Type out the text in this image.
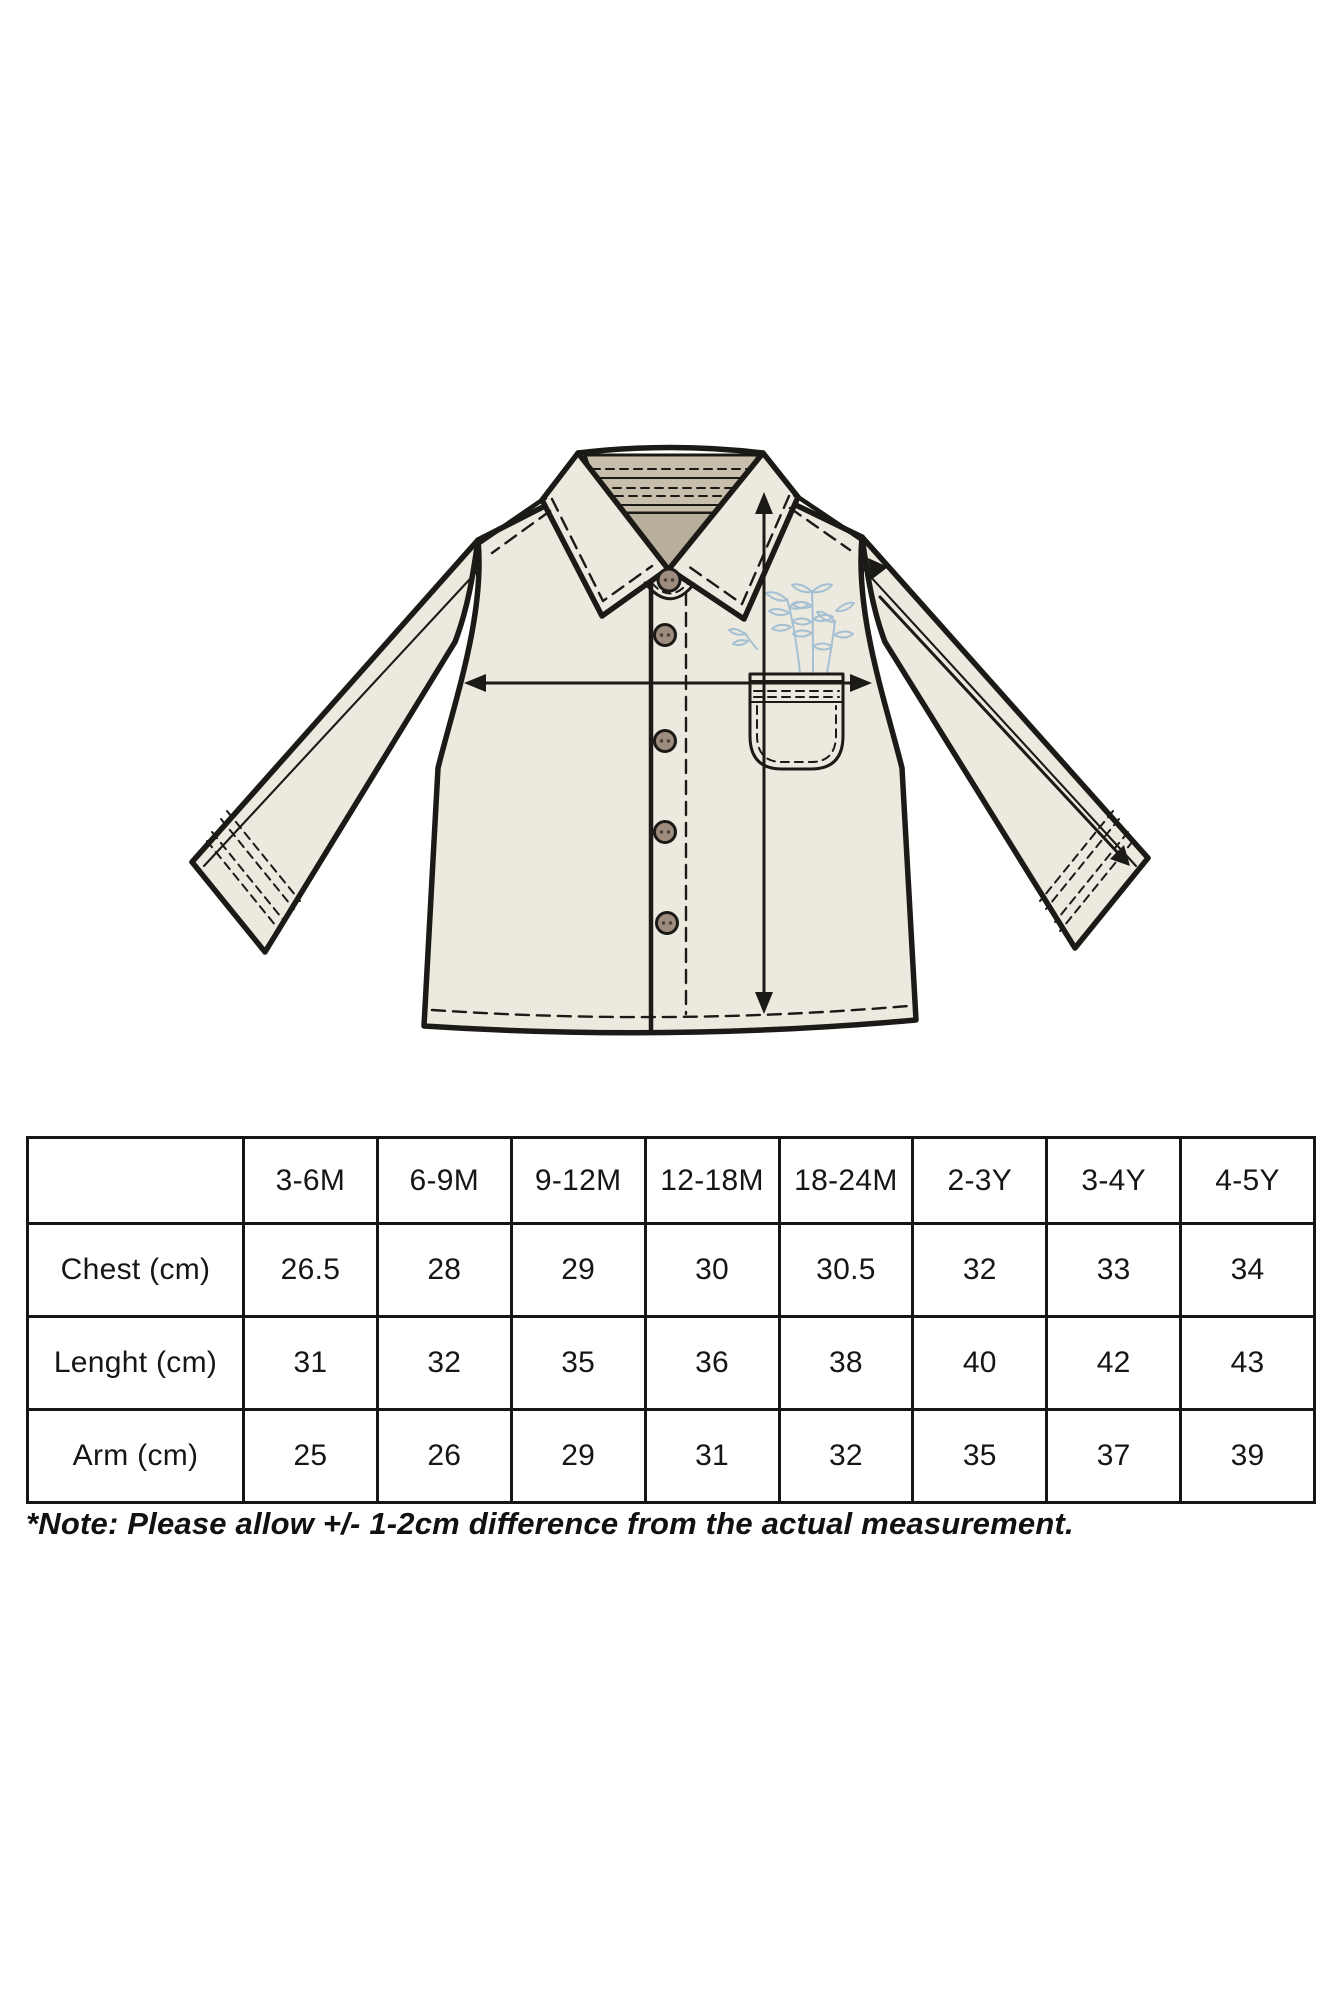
	3-6M	6-9M	9-12M	12-18M	18-24M	2-3Y	3-4Y	4-5Y
Chest (cm)	26.5	28	29	30	30.5	32	33	34
Lenght (cm)	31	32	35	36	38	40	42	43
Arm (cm)	25	26	29	31	32	35	37	39
*Note: Please allow +/- 1-2cm difference from the actual measurement.
